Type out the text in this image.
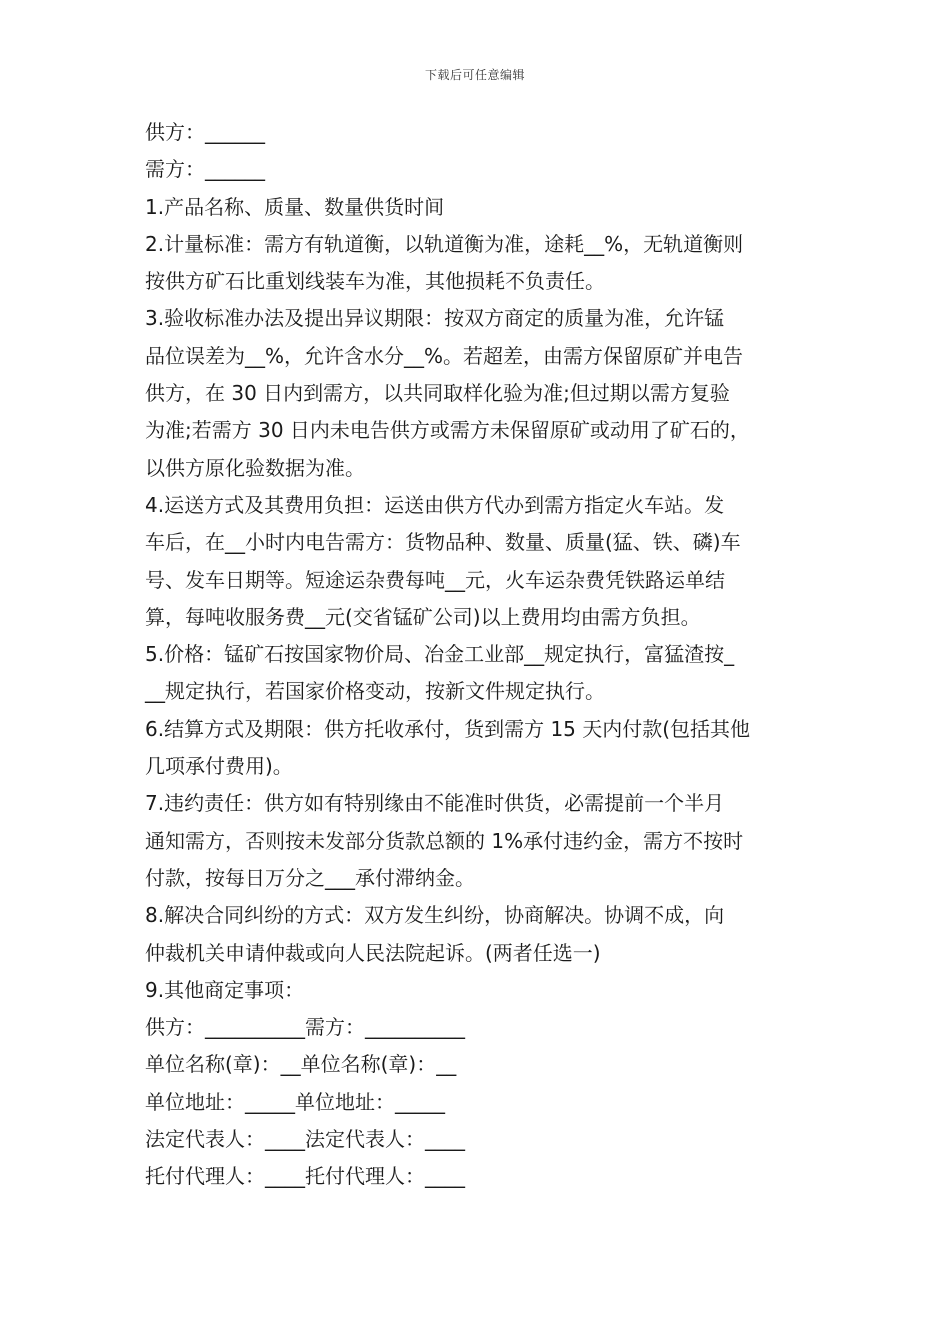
下载后可任意编辑
供方：______
需方：______
1.产品名称、质量、数量供货时间
2.计量标准：需方有轨道衡，以轨道衡为准，途耗__%，无轨道衡则
按供方矿石比重划线装车为准，其他损耗不负责任。
3.验收标准办法及提出异议期限：按双方商定的质量为准，允许锰
品位误差为__%，允许含水分__%。若超差，由需方保留原矿并电告
供方，在 30 日内到需方，以共同取样化验为准;但过期以需方复验
为准;若需方 30 日内未电告供方或需方未保留原矿或动用了矿石的，
以供方原化验数据为准。
4.运送方式及其费用负担：运送由供方代办到需方指定火车站。发
车后，在__小时内电告需方：货物品种、数量、质量(猛、铁、磷)车
号、发车日期等。短途运杂费每吨__元，火车运杂费凭铁路运单结
算，每吨收服务费__元(交省锰矿公司)以上费用均由需方负担。
5.价格：锰矿石按国家物价局、冶金工业部__规定执行，富猛渣按_
__规定执行，若国家价格变动，按新文件规定执行。
6.结算方式及期限：供方托收承付，货到需方 15 天内付款(包括其他
几项承付费用)。
7.违约责任：供方如有特别缘由不能准时供货，必需提前一个半月
通知需方，否则按未发部分货款总额的 1%承付违约金，需方不按时
付款，按每日万分之___承付滞纳金。
8.解决合同纠纷的方式：双方发生纠纷，协商解决。协调不成，向
仲裁机关申请仲裁或向人民法院起诉。(两者任选一)
9.其他商定事项：
供方：__________需方：__________
单位名称(章)：__单位名称(章)：__
单位地址：_____单位地址：_____
法定代表人：____法定代表人：____
托付代理人：____托付代理人：____
